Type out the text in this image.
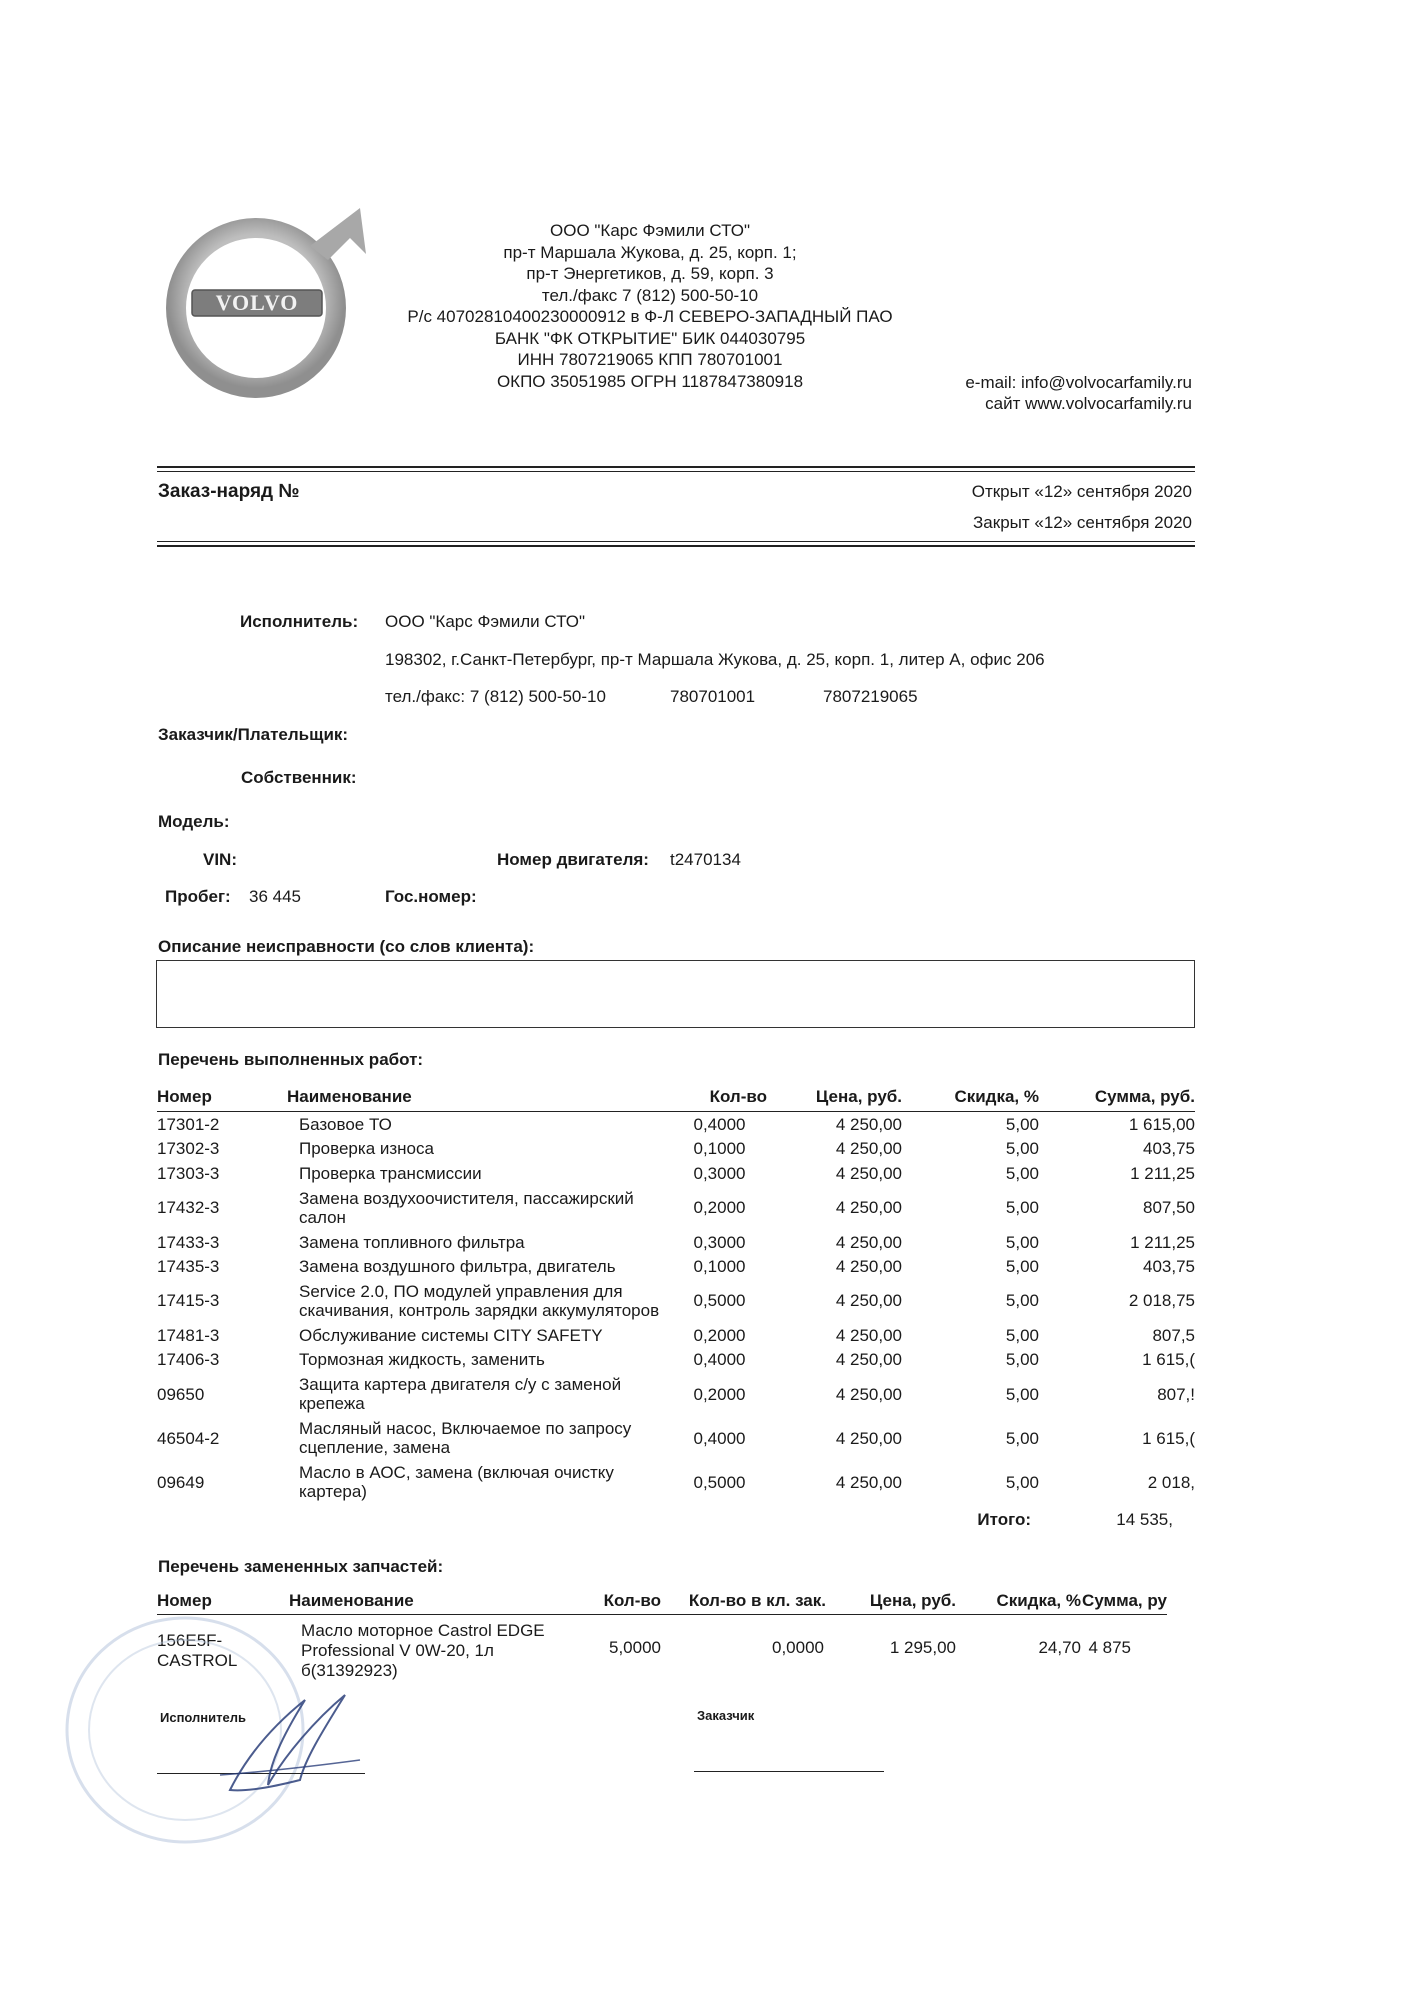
VOLVO
ООО "Карс Фэмили СТО"
пр-т Маршала Жукова, д. 25, корп. 1;
пр-т Энергетиков, д. 59, корп. 3
тел./факс 7 (812) 500-50-10
Р/с 40702810400230000912 в Ф-Л СЕВЕРО-ЗАПАДНЫЙ ПАО
БАНК "ФК ОТКРЫТИЕ" БИК 044030795
ИНН 7807219065 КПП 780701001
ОКПО 35051985 ОГРН 1187847380918	e-mail: info@volvocarfamily.ru
сайт www.volvocarfamily.ru
Заказ-наряд №	Открыт «12» сентября 2020
Закрыт «12» сентября 2020
Исполнитель: ООО "Карс Фэмили СТО"
198302, г.Санкт-Петербург, пр-т Маршала Жукова, д. 25, корп. 1, литер А, офис 206
тел./факс: 7 (812) 500-50-10	780701001	7807219065
Заказчик/Плательщик:
Собственник:
Модель:
VIN:	Номер двигателя: t2470134
Пробег: 36 445	Гос.номер:
Описание неисправности (со слов клиента):
Перечень выполненных работ:
Номер	Наименование	Кол-во	Цена, руб.	Скидка, %	Сумма, руб.
17301-2	Базовое ТО	0,4000	4 250,00	5,00	1 615,00
17302-3	Проверка износа	0,1000	4 250,00	5,00	403,75
17303-3	Проверка трансмиссии	0,3000	4 250,00	5,00	1 211,25
17432-3	Замена воздухоочистителя, пассажирский салон	0,2000	4 250,00	5,00	807,50
17433-3	Замена топливного фильтра	0,3000	4 250,00	5,00	1 211,25
17435-3	Замена воздушного фильтра, двигатель	0,1000	4 250,00	5,00	403,75
17415-3	Service 2.0, ПО модулей управления для скачивания, контроль зарядки аккумуляторов	0,5000	4 250,00	5,00	2 018,75
17481-3	Обслуживание системы CITY SAFETY	0,2000	4 250,00	5,00	807,5
17406-3	Тормозная жидкость, заменить	0,4000	4 250,00	5,00	1 615,(
09650	Защита картера двигателя с/у с заменой крепежа	0,2000	4 250,00	5,00	807,!
46504-2	Масляный насос, Включаемое по запросу сцепление, замена	0,4000	4 250,00	5,00	1 615,(
09649	Масло в АОС, замена (включая очистку картера)	0,5000	4 250,00	5,00	2 018,
				Итого:	14 535,
Перечень замененных запчастей:
Номер	Наименование	Кол-во	Кол-во в кл. зак.	Цена, руб.	Скидка, %	Сумма, ру
156E5F-CASTROL	Масло моторное Castrol EDGE Professional V 0W-20, 1л б(31392923)	5,0000	0,0000	1 295,00	24,70	4 875
Исполнитель	Заказчик
